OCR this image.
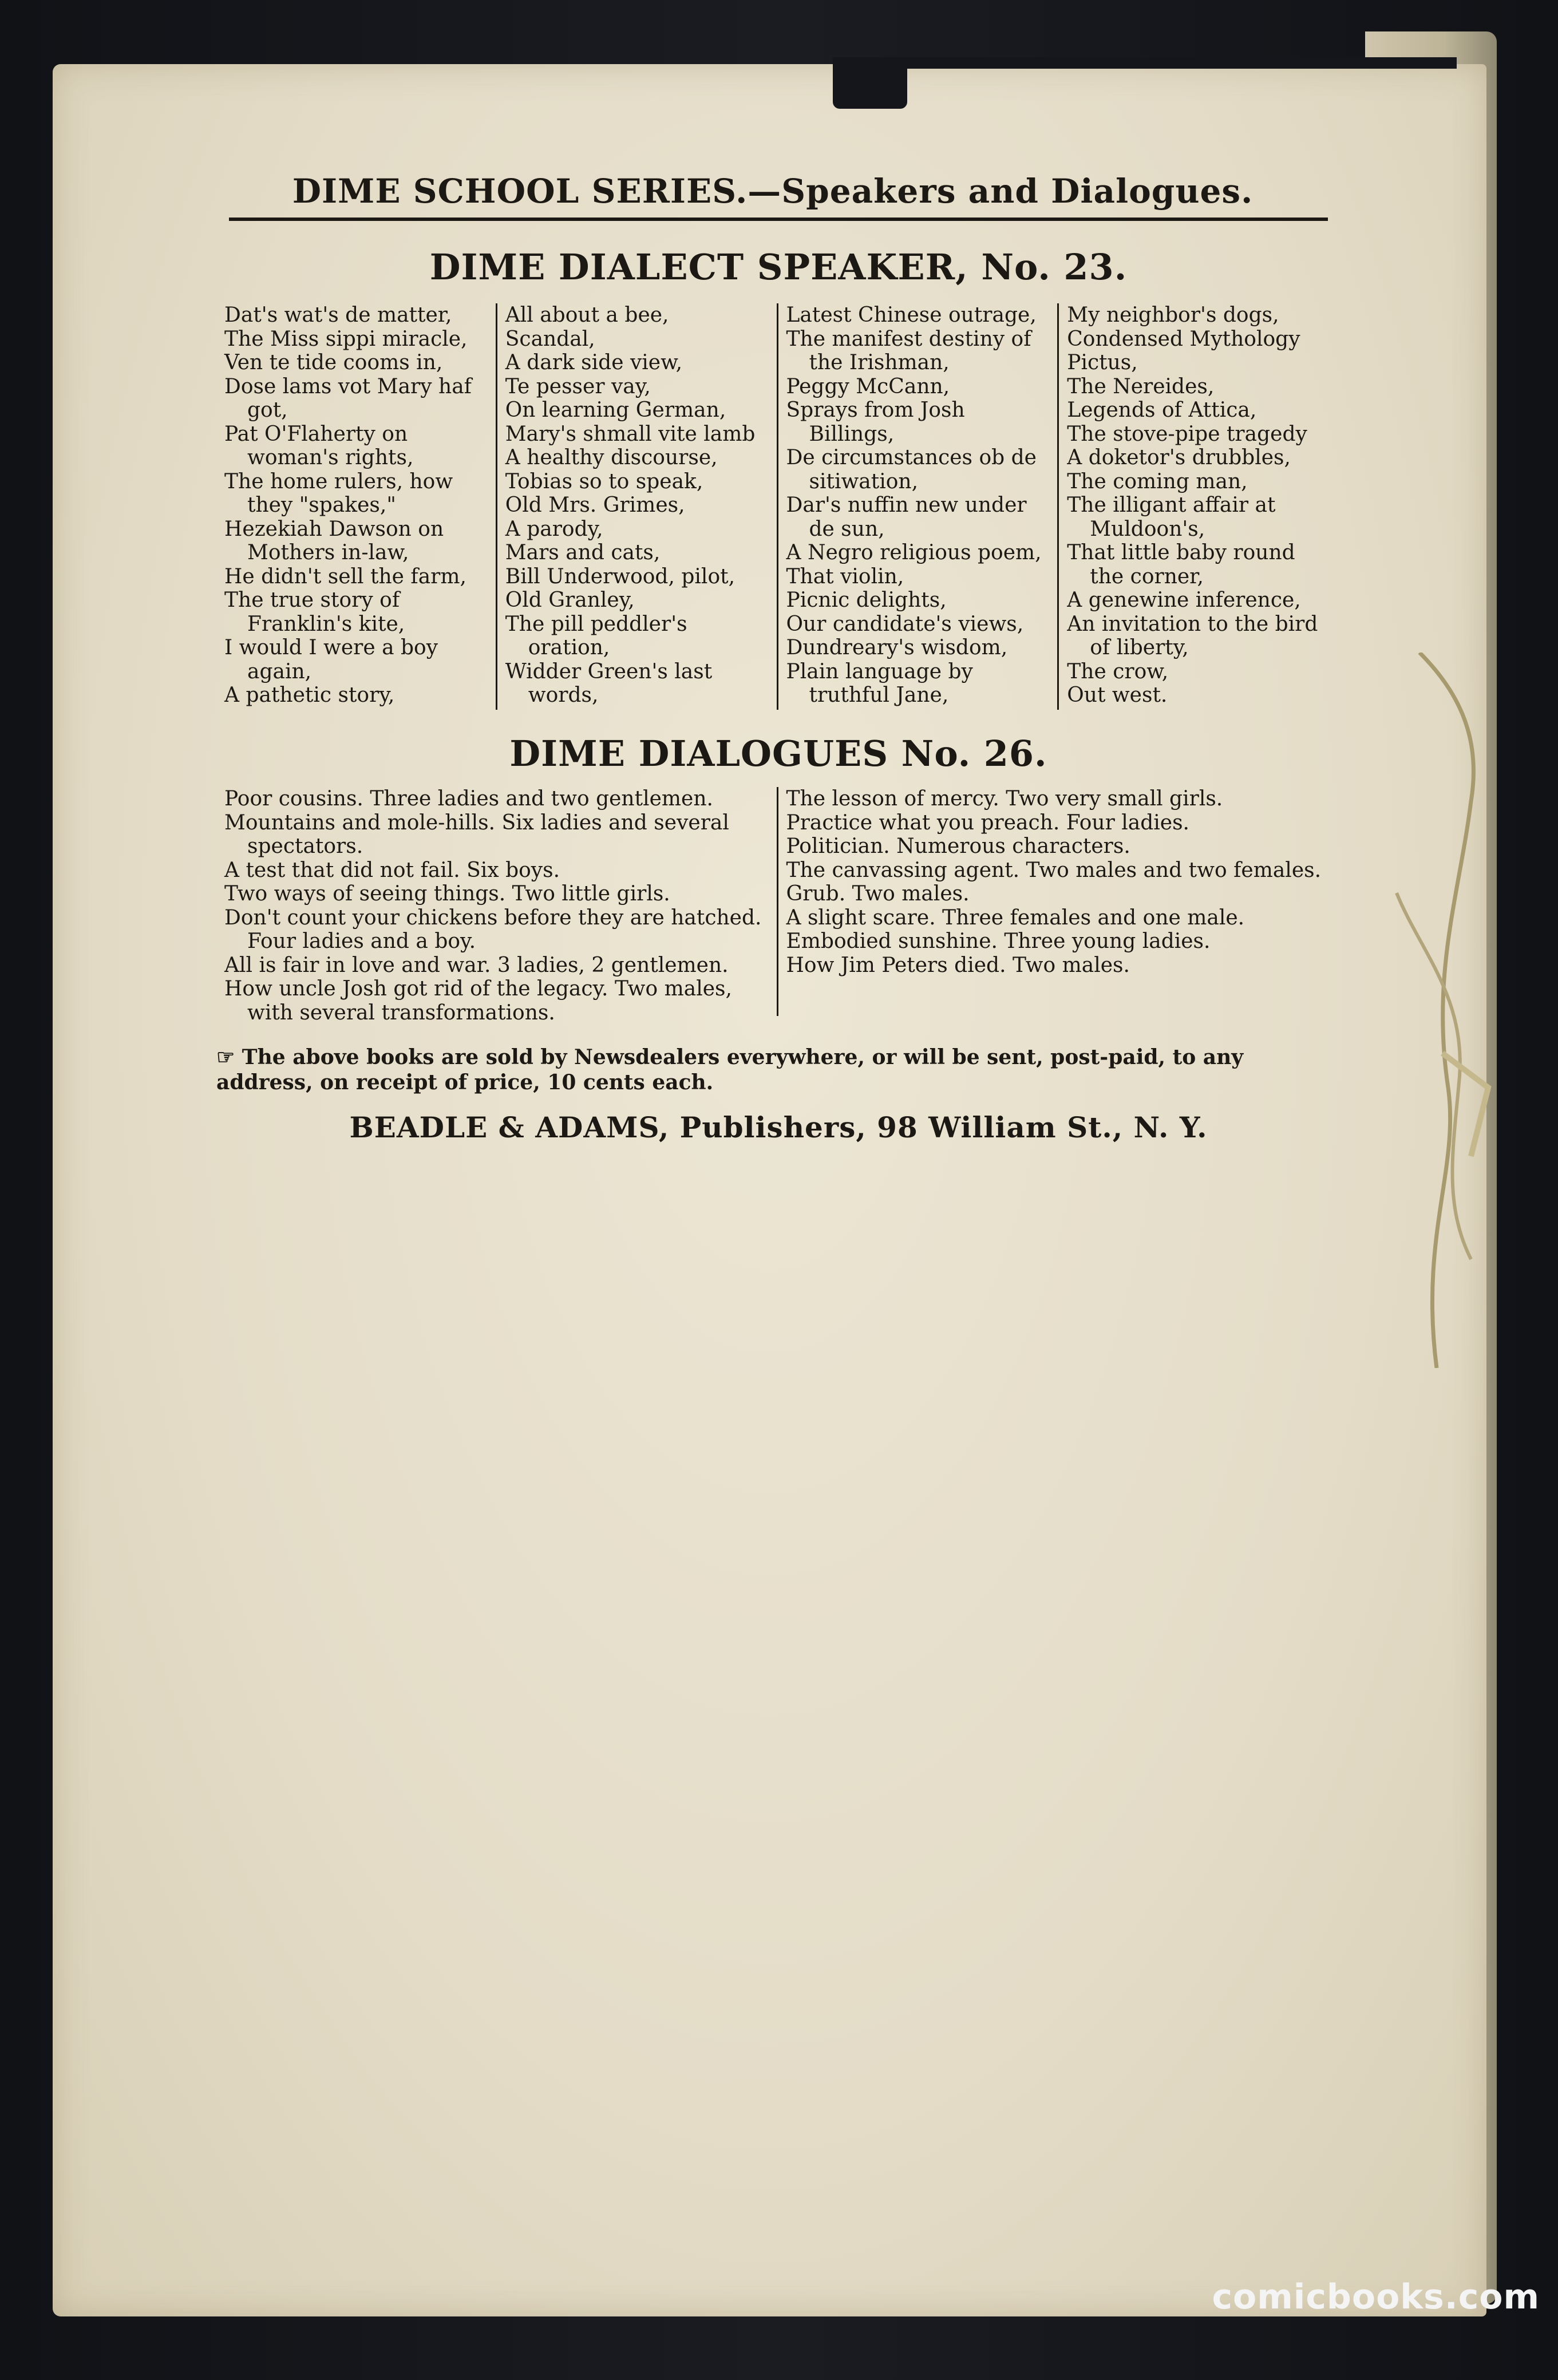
DIME SCHOOL SERIES.—Speakers and Dialogues.
DIME DIALECT SPEAKER, No. 23.
Dat's wat's de matter,
The Miss sippi miracle,
Ven te tide cooms in,
Dose lams vot Mary haf got,
Pat O'Flaherty on woman's rights,
The home rulers, how they "spakes,"
Hezekiah Dawson on Mothers in-law,
He didn't sell the farm,
The true story of Franklin's kite,
I would I were a boy again,
A pathetic story,
All about a bee,
Scandal,
A dark side view,
Te pesser vay,
On learning German,
Mary's shmall vite lamb
A healthy discourse,
Tobias so to speak,
Old Mrs. Grimes,
A parody,
Mars and cats,
Bill Underwood, pilot,
Old Granley,
The pill peddler's oration,
Widder Green's last words,
Latest Chinese outrage,
The manifest destiny of the Irishman,
Peggy McCann,
Sprays from Josh Billings,
De circumstances ob de sitiwation,
Dar's nuffin new under de sun,
A Negro religious poem,
That violin,
Picnic delights,
Our candidate's views,
Dundreary's wisdom,
Plain language by truthful Jane,
My neighbor's dogs,
Condensed Mythology
Pictus,
The Nereides,
Legends of Attica,
The stove-pipe tragedy
A doketor's drubbles,
The coming man,
The illigant affair at Muldoon's,
That little baby round the corner,
A genewine inference,
An invitation to the bird of liberty,
The crow,
Out west.
DIME DIALOGUES No. 26.
Poor cousins. Three ladies and two gentlemen.
Mountains and mole-hills. Six ladies and several spectators.
A test that did not fail. Six boys.
Two ways of seeing things. Two little girls.
Don't count your chickens before they are hatched. Four ladies and a boy.
All is fair in love and war. 3 ladies, 2 gentlemen.
How uncle Josh got rid of the legacy. Two males, with several transformations.
The lesson of mercy. Two very small girls.
Practice what you preach. Four ladies.
Politician. Numerous characters.
The canvassing agent. Two males and two females.
Grub. Two males.
A slight scare. Three females and one male.
Embodied sunshine. Three young ladies.
How Jim Peters died. Two males.
☞ The above books are sold by Newsdealers everywhere, or will be sent, post-paid, to any address, on receipt of price, 10 cents each.
BEADLE & ADAMS, Publishers, 98 William St., N. Y.
comicbooks.com
